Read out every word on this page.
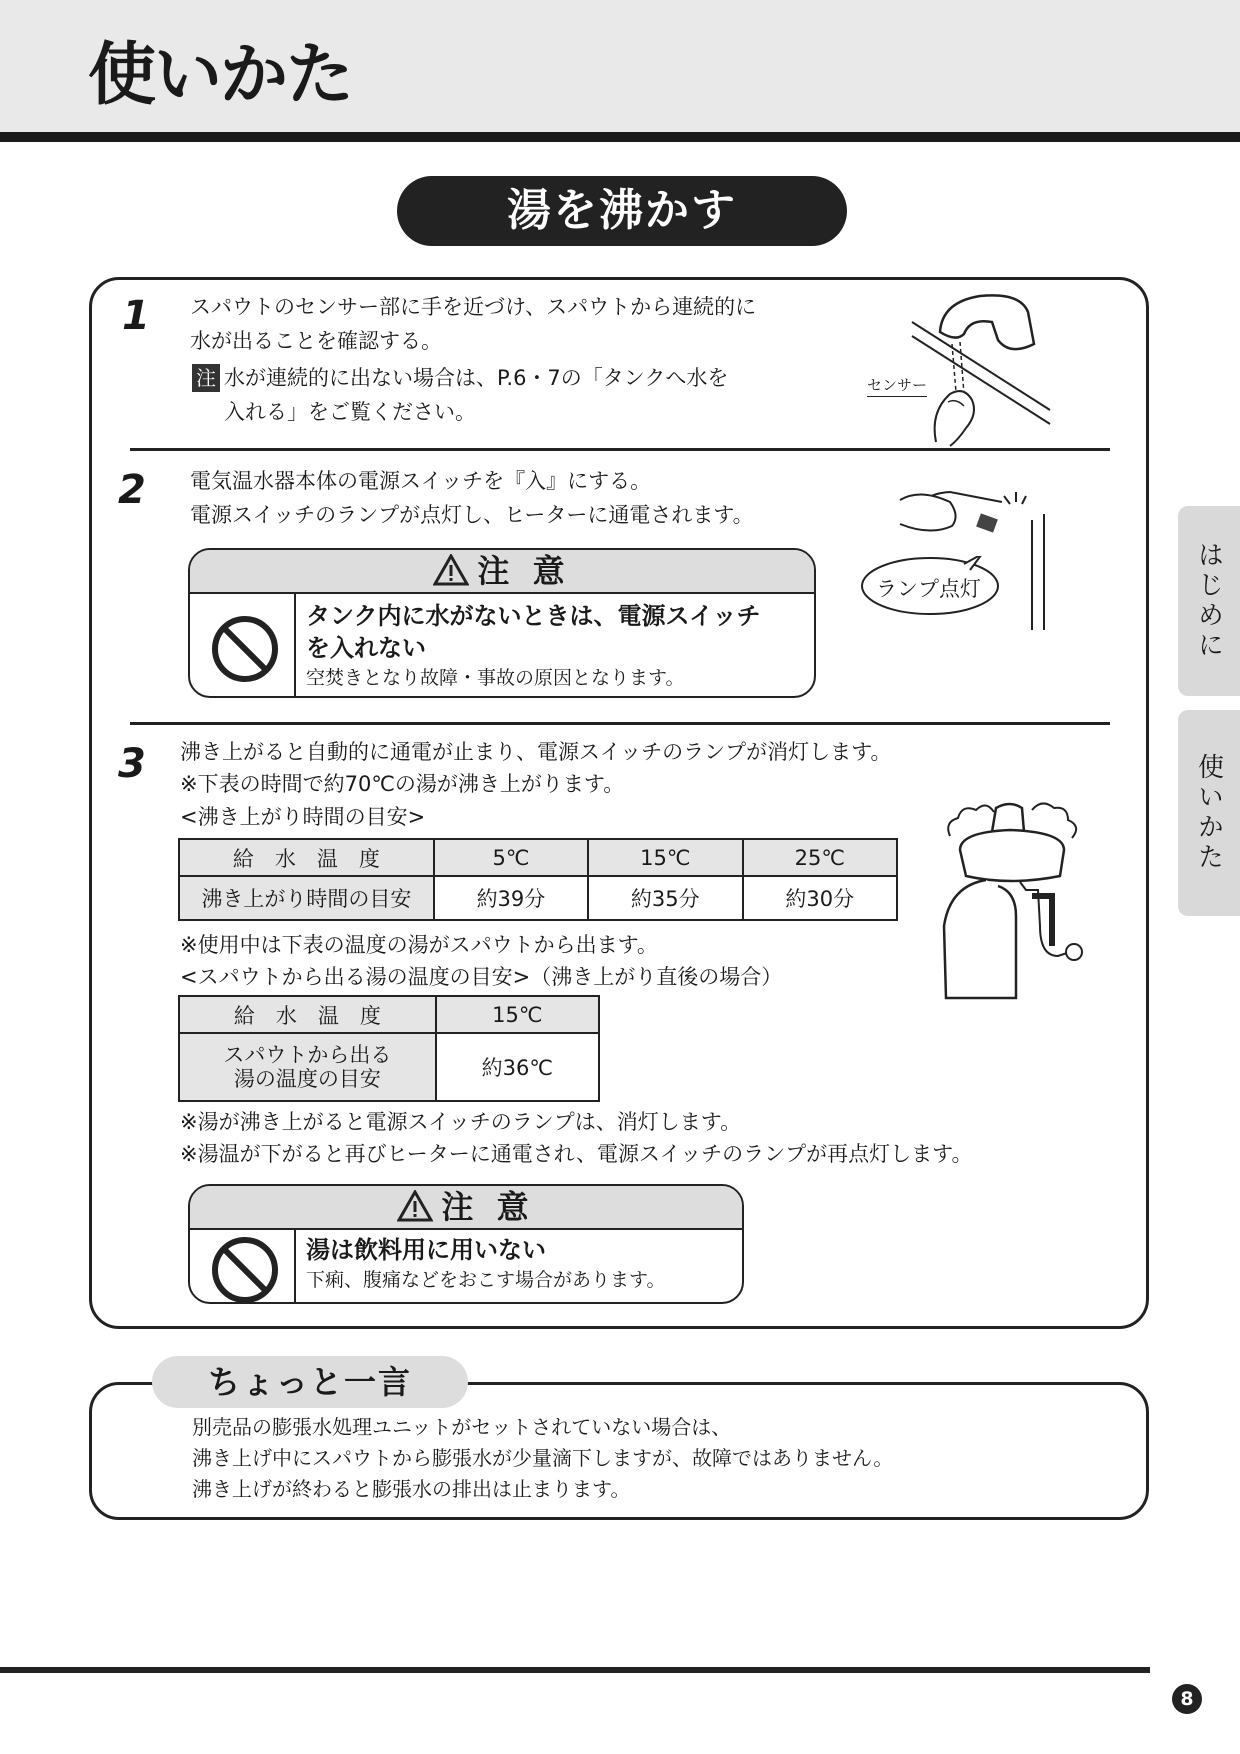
使いかた
湯を沸かす
1 スパウトのセンサー部に手を近づけ、スパウトから連続的に
水が出ることを確認する。
注 水が連続的に出ない場合は、P.6・7の「タンクへ水を
入れる」をご覧ください。
センサー
2 電気温水器本体の電源スイッチを『入』にする。
電源スイッチのランプが点灯し、ヒーターに通電されます。
注 意
タンク内に水がないときは、電源スイッチ
を入れない
空焚きとなり故障・事故の原因となります。
ランプ点灯
3 沸き上がると自動的に通電が止まり、電源スイッチのランプが消灯します。
※下表の時間で約70℃の湯が沸き上がります。
<沸き上がり時間の目安>
給　水　温　度	5℃	15℃	25℃
沸き上がり時間の目安	約39分	約35分	約30分
※使用中は下表の温度の湯がスパウトから出ます。
<スパウトから出る湯の温度の目安>（沸き上がり直後の場合）
給　水　温　度	15℃

スパウトから出る
湯の温度の目安	約36℃
※湯が沸き上がると電源スイッチのランプは、消灯します。
※湯温が下がると再びヒーターに通電され、電源スイッチのランプが再点灯します。
注 意
湯は飲料用に用いない
下痢、腹痛などをおこす場合があります。
ちょっと一言
別売品の膨張水処理ユニットがセットされていない場合は、
沸き上げ中にスパウトから膨張水が少量滴下しますが、故障ではありません。
沸き上げが終わると膨張水の排出は止まります。
はじめに
使いかた
8
